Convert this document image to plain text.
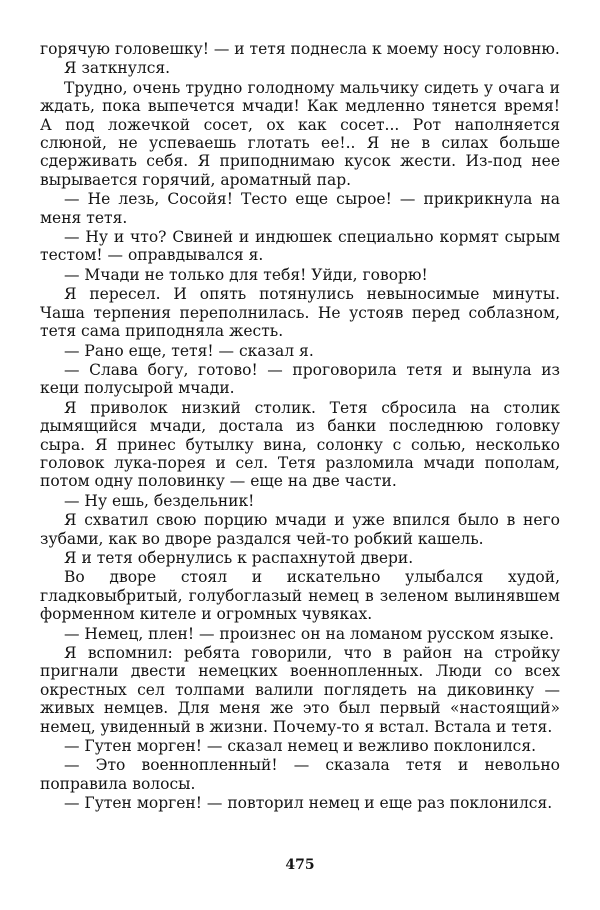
горячую головешку! — и тетя поднесла к моему носу головню.

Я заткнулся.

Трудно, очень трудно голодному мальчику сидеть у очага и ждать, пока выпечется мчади! Как медленно тянется время! А под ложечкой сосет, ох как сосет... Рот наполняется слюной, не успеваешь глотать ее!.. Я не в силах больше сдерживать себя. Я приподнимаю кусок жести. Из-под нее вырывается горячий, ароматный пар.

— Не лезь, Сосойя! Тесто еще сырое! — прикрикнула на меня тетя.

— Ну и что? Свиней и индюшек специально кормят сырым тестом! — оправдывался я.

— Мчади не только для тебя! Уйди, говорю!

Я пересел. И опять потянулись невыносимые минуты. Чаша терпения переполнилась. Не устояв перед соблазном, тетя сама приподняла жесть.

— Рано еще, тетя! — сказал я.

— Слава богу, готово! — проговорила тетя и вынула из кеци полусырой мчади.

Я приволок низкий столик. Тетя сбросила на столик дымящийся мчади, достала из банки последнюю головку сыра. Я принес бутылку вина, солонку с солью, несколько головок лука-порея и сел. Тетя разломила мчади пополам, потом одну половинку — еще на две части.

— Ну ешь, бездельник!

Я схватил свою порцию мчади и уже впился было в него зубами, как во дворе раздался чей-то робкий кашель.

Я и тетя обернулись к распахнутой двери.

Во дворе стоял и искательно улыбался худой, гладковыбритый, голубоглазый немец в зеленом вылинявшем форменном кителе и огромных чувяках.

— Немец, плен! — произнес он на ломаном русском языке.

Я вспомнил: ребята говорили, что в район на стройку пригнали двести немецких военнопленных. Люди со всех окрестных сел толпами валили поглядеть на диковинку — живых немцев. Для меня же это был первый «настоящий» немец, увиденный в жизни. Почему-то я встал. Встала и тетя.

— Гутен морген! — сказал немец и вежливо поклонился.

— Это военнопленный! — сказала тетя и невольно поправила волосы.

— Гутен морген! — повторил немец и еще раз поклонился.

475
